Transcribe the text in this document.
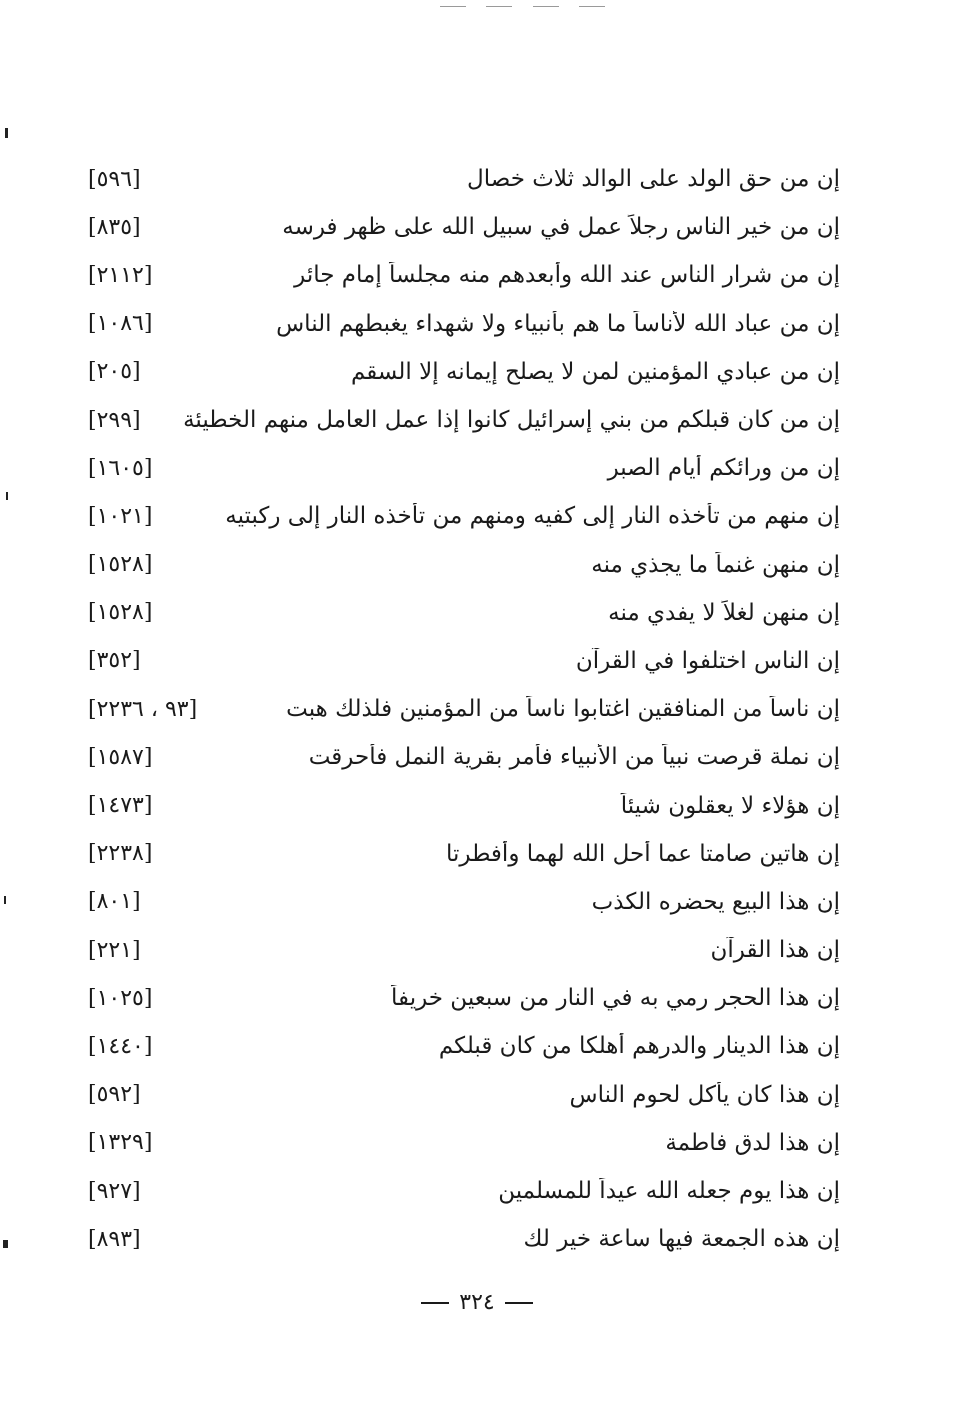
إن من حق الولد على الوالد ثلاث خصال
[٥٩٦]
إن من خير الناس رجلاً عمل في سبيل الله على ظهر فرسه
[٨٣٥]
إن من شرار الناس عند الله وأبعدهم منه مجلساً إمام جائر
[٢١١٢]
إن من عباد الله لأناساً ما هم بأنبياء ولا شهداء يغبطهم الناس
[١٠٨٦]
إن من عبادي المؤمنين لمن لا يصلح إيمانه إلا السقم
[٢٠٥]
إن من كان قبلكم من بني إسرائيل كانوا إذا عمل العامل منهم الخطيئة
[٢٩٩]
إن من ورائكم أيام الصبر
[١٦٠٥]
إن منهم من تأخذه النار إلى كفيه ومنهم من تأخذه النار إلى ركبتيه
[١٠٢١]
إن منهن غنماً ما يجذي منه
[١٥٢٨]
إن منهن لغلاً لا يفدي منه
[١٥٢٨]
إن الناس اختلفوا في القرآن
[٣٥٢]
إن ناساً من المنافقين اغتابوا ناساً من المؤمنين فلذلك هبت
[٩٣ ، ٢٢٣٦]
إن نملة قرصت نبياً من الأنبياء فأمر بقرية النمل فأحرقت
[١٥٨٧]
إن هؤلاء لا يعقلون شيئاً
[١٤٧٣]
إن هاتين صامتا عما أحل الله لهما وأفطرتا
[٢٢٣٨]
إن هذا البيع يحضره الكذب
[٨٠١]
إن هذا القرآن
[٢٢١]
إن هذا الحجر رمي به في النار من سبعين خريفاً
[١٠٢٥]
إن هذا الدينار والدرهم أهلكا من كان قبلكم
[١٤٤٠]
إن هذا كان يأكل لحوم الناس
[٥٩٢]
إن هذا لدق فاطمة
[١٣٢٩]
إن هذا يوم جعله الله عيداً للمسلمين
[٩٢٧]
إن هذه الجمعة فيها ساعة خير لك
[٨٩٣]
٣٢٤
